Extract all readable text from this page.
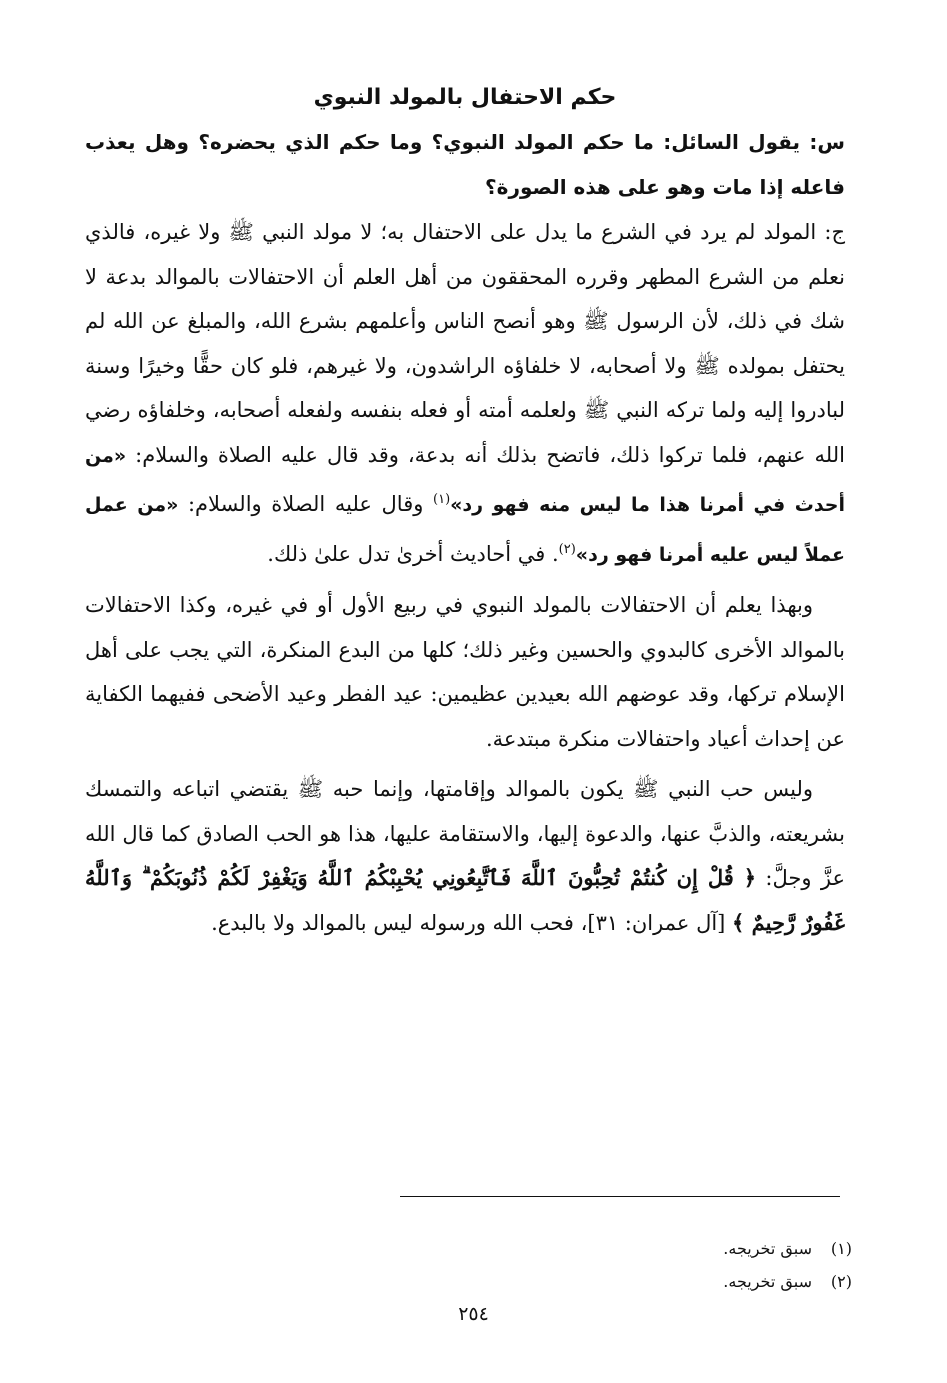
حكم الاحتفال بالمولد النبوي

س: يقول السائل: ما حكم المولد النبوي؟ وما حكم الذي يحضره؟ وهل يعذب فاعله إذا مات وهو على هذه الصورة؟

ج: المولد لم يرد في الشرع ما يدل على الاحتفال به؛ لا مولد النبي ﷺ ولا غيره، فالذي نعلم من الشرع المطهر وقرره المحققون من أهل العلم أن الاحتفالات بالموالد بدعة لا شك في ذلك، لأن الرسول ﷺ وهو أنصح الناس وأعلمهم بشرع الله، والمبلغ عن الله لم يحتفل بمولده ﷺ ولا أصحابه، لا خلفاؤه الراشدون، ولا غيرهم، فلو كان حقًّا وخيرًا وسنة لبادروا إليه ولما تركه النبي ﷺ ولعلمه أمته أو فعله بنفسه ولفعله أصحابه، وخلفاؤه رضي الله عنهم، فلما تركوا ذلك، فاتضح بذلك أنه بدعة، وقد قال عليه الصلاة والسلام: «من أحدث في أمرنا هذا ما ليس منه فهو رد»$^{(١)}$ وقال عليه الصلاة والسلام: «من عمل عملاً ليس عليه أمرنا فهو رد»$^{(٢)}$. في أحاديث أخرىٰ تدل علىٰ ذلك.

وبهذا يعلم أن الاحتفالات بالمولد النبوي في ربيع الأول أو في غيره، وكذا الاحتفالات بالموالد الأخرى كالبدوي والحسين وغير ذلك؛ كلها من البدع المنكرة، التي يجب على أهل الإسلام تركها، وقد عوضهم الله بعيدين عظيمين: عيد الفطر وعيد الأضحى ففيهما الكفاية عن إحداث أعياد واحتفالات منكرة مبتدعة.

وليس حب النبي ﷺ يكون بالموالد وإقامتها، وإنما حبه ﷺ يقتضي اتباعه والتمسك بشريعته، والذبَّ عنها، والدعوة إليها، والاستقامة عليها، هذا هو الحب الصادق كما قال الله عزَّ وجلَّ: ﴿ قُلْ إِن كُنتُمْ تُحِبُّونَ ٱللَّهَ فَٱتَّبِعُونِي يُحْبِبْكُمُ ٱللَّهُ وَيَغْفِرْ لَكُمْ ذُنُوبَكُمْ ۗ وَٱللَّهُ غَفُورٌ رَّحِيمٌ ﴾ [آل عمران: ٣١]، فحب الله ورسوله ليس بالموالد ولا بالبدع.

(١)سبق تخريجه.
(٢)سبق تخريجه.
٢٥٤
